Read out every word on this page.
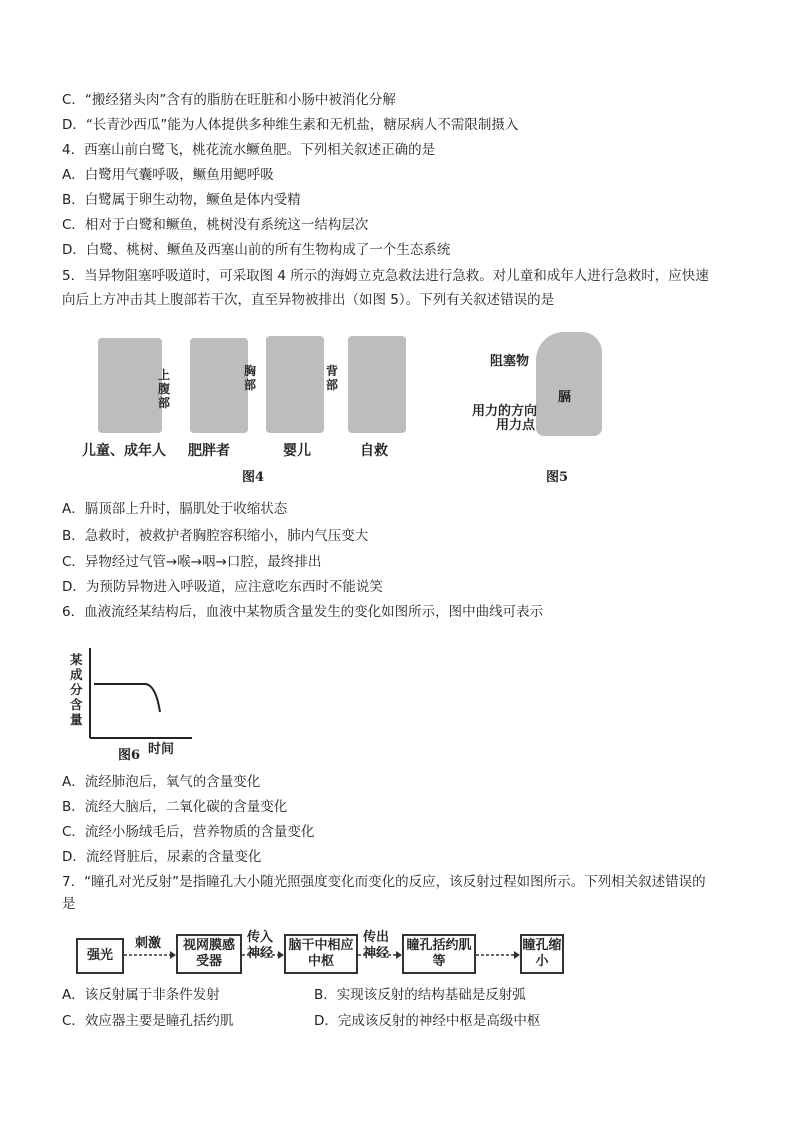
C．“搬经猪头肉”含有的脂肪在旺脏和小肠中被消化分解
D．“长青沙西瓜”能为人体提供多种维生素和无机盐，糖尿病人不需限制摄入
4．西塞山前白鹭飞，桃花流水鳜鱼肥。下列相关叙述正确的是
A．白鹭用气囊呼吸，鳜鱼用鳃呼吸
B．白鹭属于卵生动物，鳜鱼是体内受精
C．相对于白鹭和鳜鱼，桃树没有系统这一结构层次
D．白鹭、桃树、鳜鱼及西塞山前的所有生物构成了一个生态系统
5．当异物阻塞呼吸道时，可采取图 4 所示的海姆立克急救法进行急救。对儿童和成年人进行急救时，应快速
向后上方冲击其上腹部若干次，直至异物被排出（如图 5）。下列有关叙述错误的是
上腹部
胸部
背部
儿童、成年人 肥胖者	婴儿	自救
图4
阻塞物
膈
用力的方向
用力点
图5
A．膈顶部上升时，膈肌处于收缩状态
B．急救时，被救护者胸腔容积缩小，肺内气压变大
C．异物经过气管→喉→咽→口腔，最终排出
D．为预防异物进入呼吸道，应注意吃东西时不能说笑
6．血液流经某结构后，血液中某物质含量发生的变化如图所示，图中曲线可表示
某成分含量
图6 时间
A．流经肺泡后，氧气的含量变化
B．流经大脑后，二氧化碳的含量变化
C．流经小肠绒毛后，营养物质的含量变化
D．流经肾脏后，尿素的含量变化
7．“瞳孔对光反射”是指瞳孔大小随光照强度变化而变化的反应，该反射过程如图所示。下列相关叙述错误的
是
强光
视网膜感受器
脑干中相应中枢
瞳孔括约肌等
瞳孔缩小
刺激	传入神经
传出神经
A．该反射属于非条件发射	B．实现该反射的结构基础是反射弧
C．效应器主要是瞳孔括约肌	D．完成该反射的神经中枢是高级中枢
